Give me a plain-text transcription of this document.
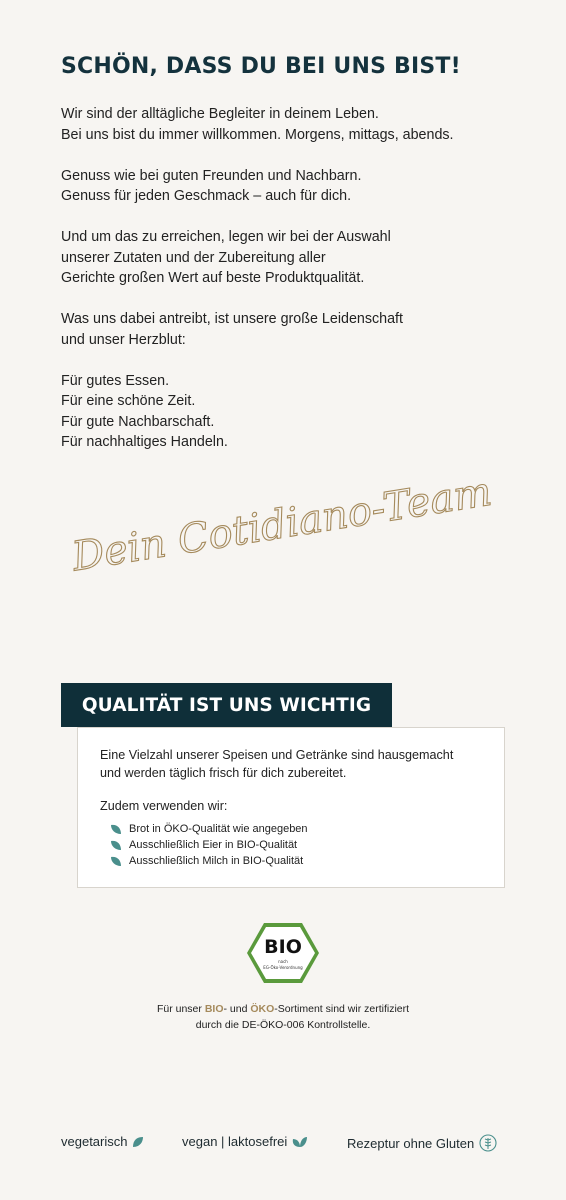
SCHÖN, DASS DU BEI UNS BIST!

Wir sind der alltägliche Begleiter in deinem Leben.
Bei uns bist du immer willkommen. Morgens, mittags, abends.

Genuss wie bei guten Freunden und Nachbarn.
Genuss für jeden Geschmack – auch für dich.

Und um das zu erreichen, legen wir bei der Auswahl
unserer Zutaten und der Zubereitung aller
Gerichte großen Wert auf beste Produktqualität.

Was uns dabei antreibt, ist unsere große Leidenschaft
und unser Herzblut:

Für gutes Essen.
Für eine schöne Zeit.
Für gute Nachbarschaft.
Für nachhaltiges Handeln.

Dein Cotidiano-Team
QUALITÄT IST UNS WICHTIG
Eine Vielzahl unserer Speisen und Getränke sind hausgemacht
und werden täglich frisch für dich zubereitet.
Zudem verwenden wir:
Brot in ÖKO-Qualität wie angegeben
Ausschließlich Eier in BIO-Qualität
Ausschließlich Milch in BIO-Qualität
BIO
nach
EG-Öko-Verordnung
Für unser BIO- und ÖKO-Sortiment sind wir zertifiziert
durch die DE-ÖKO-006 Kontrollstelle.
vegetarisch	vegan | laktosefrei	Rezeptur ohne Gluten
